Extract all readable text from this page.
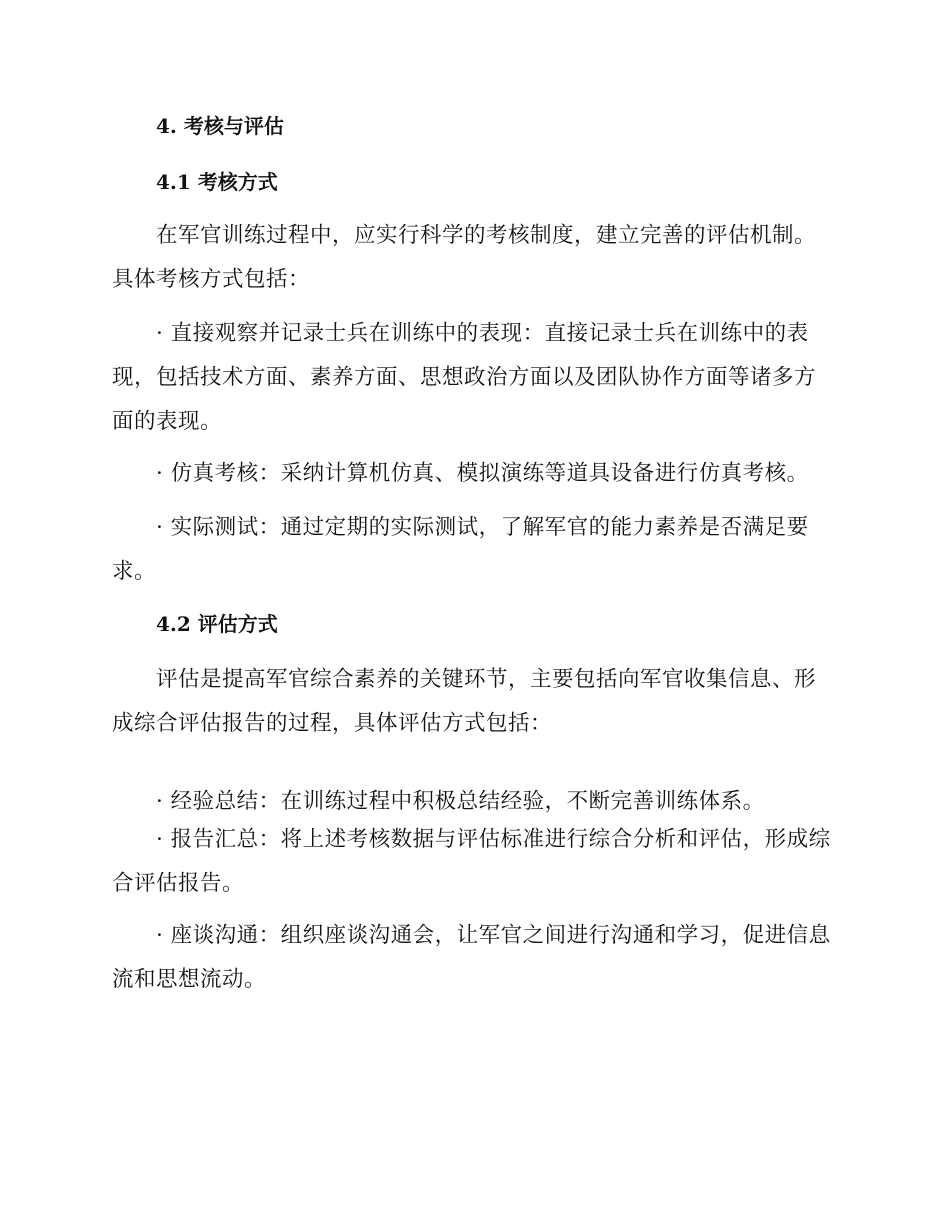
4. 考核与评估

4.1 考核方式

在军官训练过程中，应实行科学的考核制度，建立完善的评估机制。具体考核方式包括：

· 直接观察并记录士兵在训练中的表现：直接记录士兵在训练中的表现，包括技术方面、素养方面、思想政治方面以及团队协作方面等诸多方面的表现。

· 仿真考核：采纳计算机仿真、模拟演练等道具设备进行仿真考核。

· 实际测试：通过定期的实际测试，了解军官的能力素养是否满足要求。

4.2 评估方式

评估是提高军官综合素养的关键环节，主要包括向军官收集信息、形成综合评估报告的过程，具体评估方式包括：

· 经验总结：在训练过程中积极总结经验，不断完善训练体系。

· 报告汇总：将上述考核数据与评估标准进行综合分析和评估，形成综合评估报告。

· 座谈沟通：组织座谈沟通会，让军官之间进行沟通和学习，促进信息流和思想流动。
